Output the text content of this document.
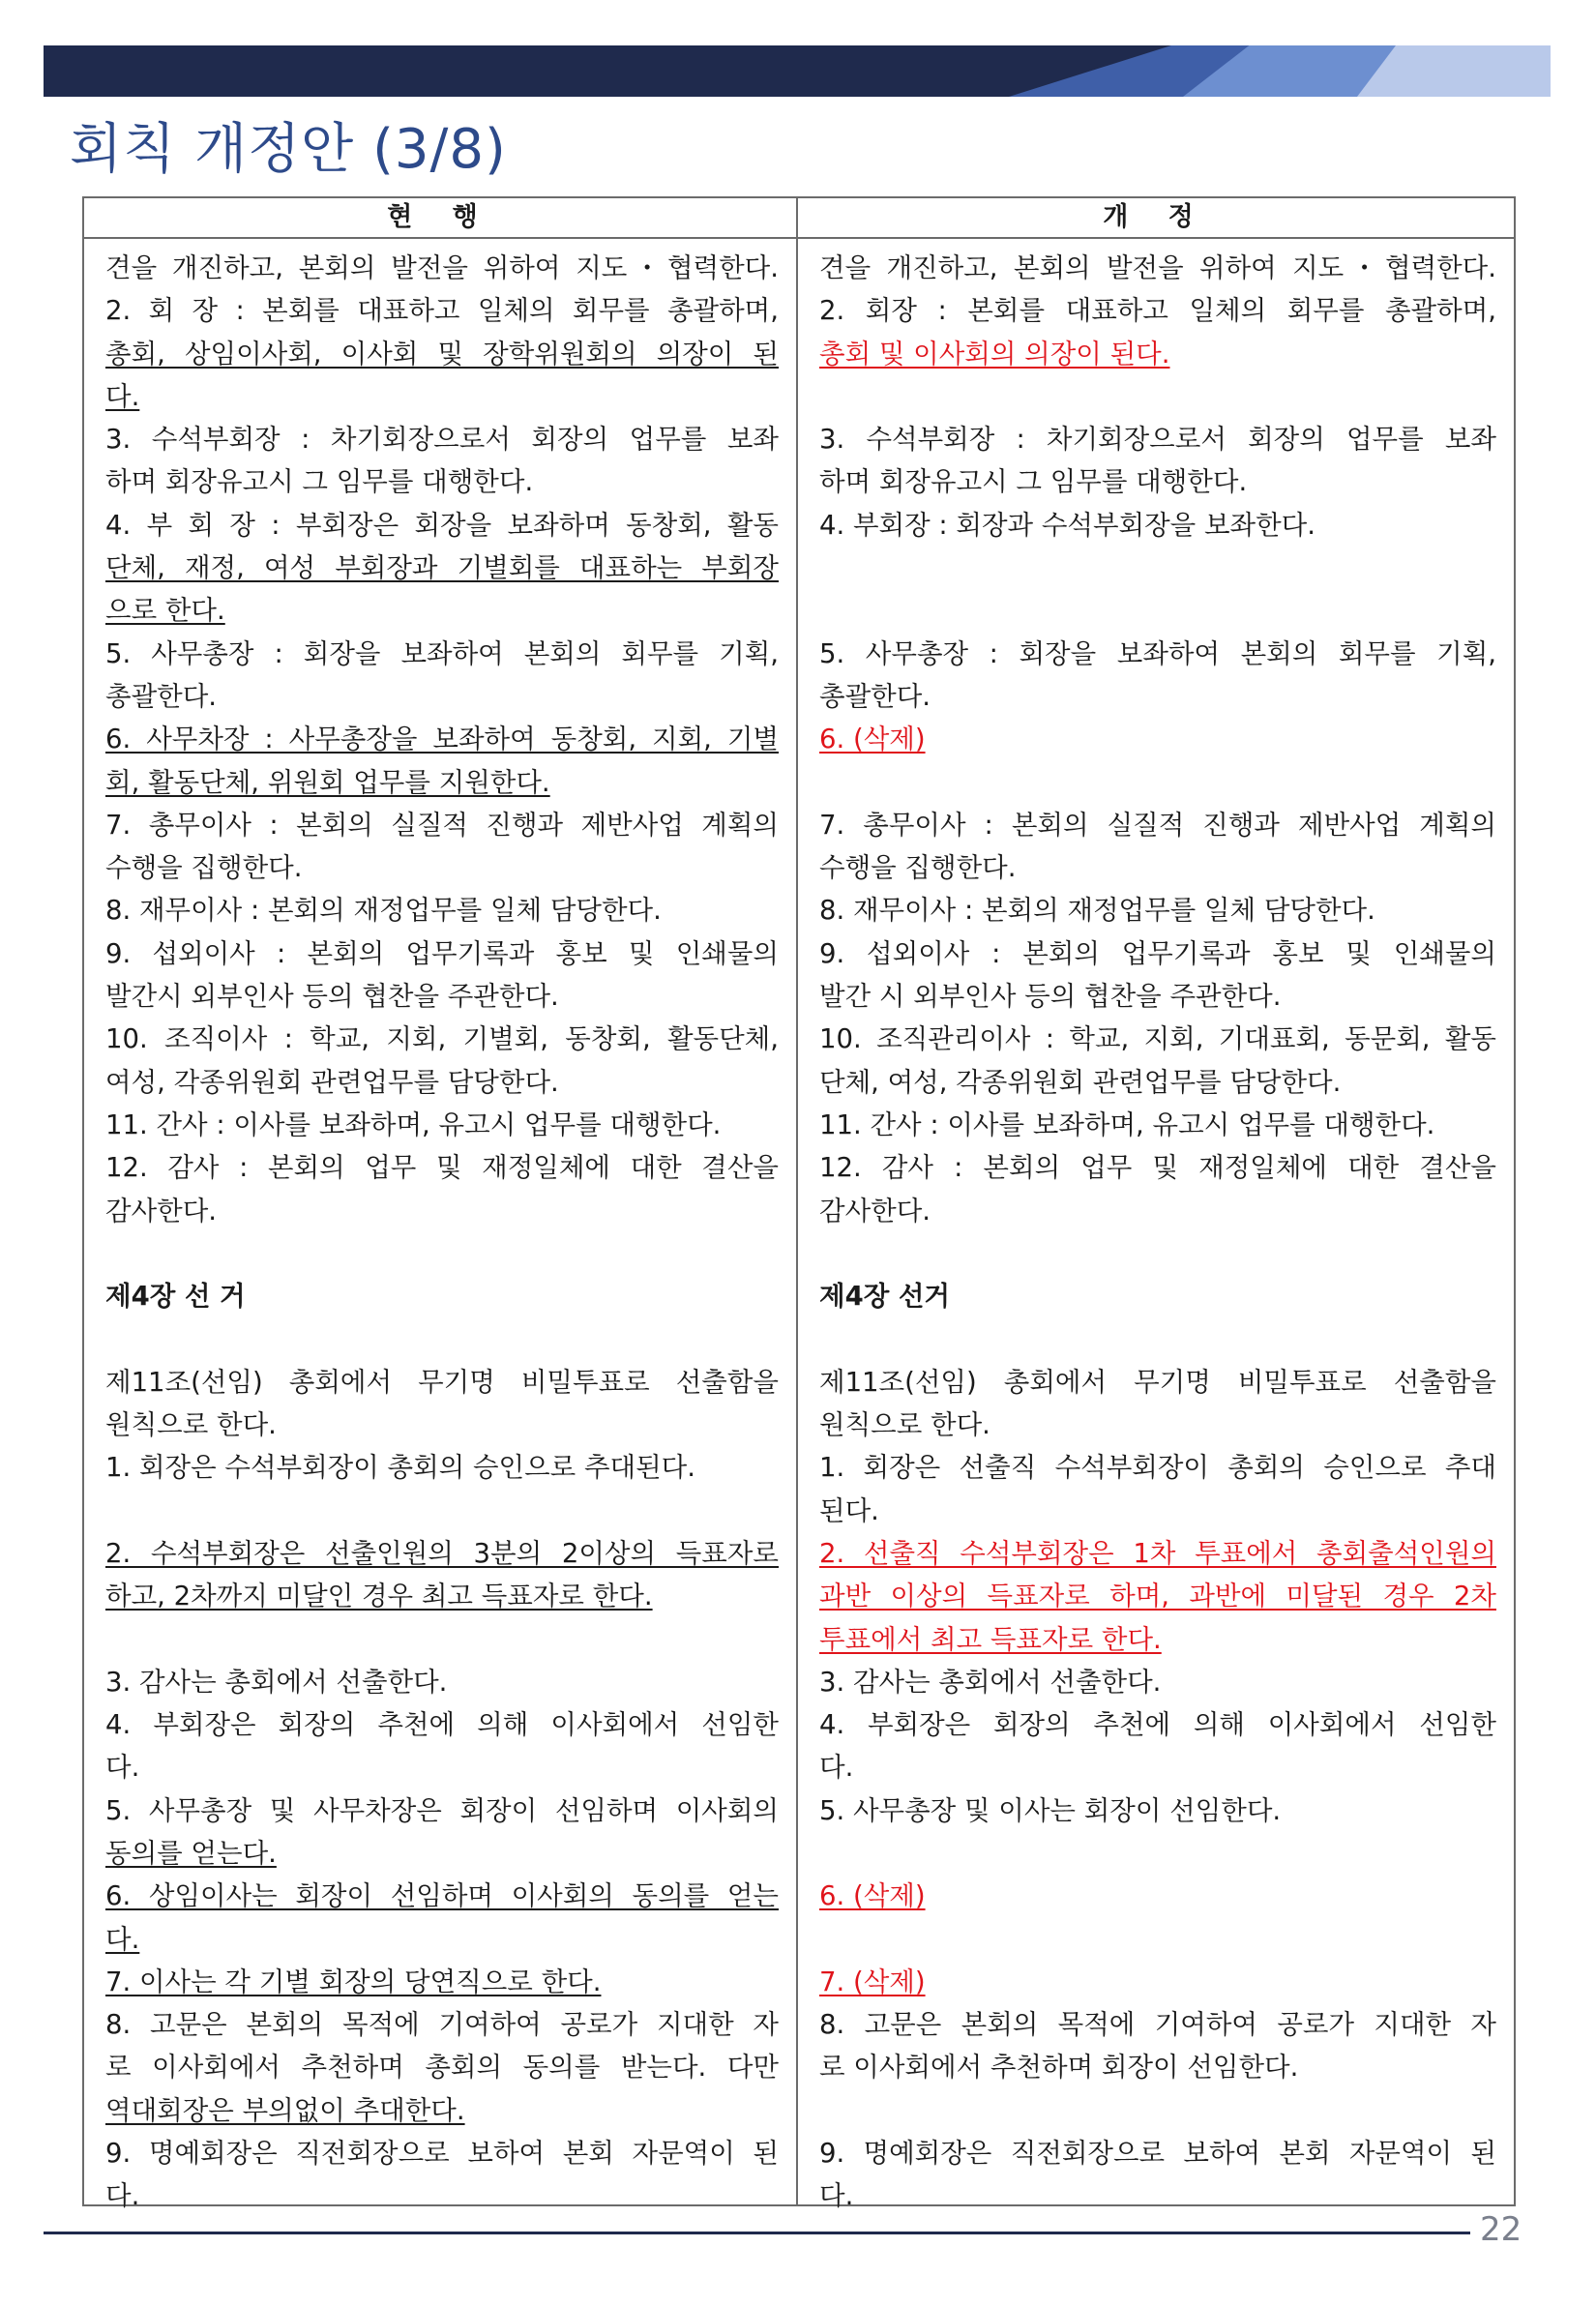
회칙 개정안 (3/8)
현 행
견을 개진하고, 본회의 발전을 위하여 지도・협력한다.
2. 회 장 : 본회를 대표하고 일체의 회무를 총괄하며,
총회, 상임이사회, 이사회 및 장학위원회의 의장이 된
다.
3. 수석부회장 : 차기회장으로서 회장의 업무를 보좌
하며 회장유고시 그 임무를 대행한다.
4. 부 회 장 : 부회장은 회장을 보좌하며 동창회, 활동
단체, 재정, 여성 부회장과 기별회를 대표하는 부회장
으로 한다.
5. 사무총장 : 회장을 보좌하여 본회의 회무를 기획,
총괄한다.
6. 사무차장 : 사무총장을 보좌하여 동창회, 지회, 기별
회, 활동단체, 위원회 업무를 지원한다.
7. 총무이사 : 본회의 실질적 진행과 제반사업 계획의
수행을 집행한다.
8. 재무이사 : 본회의 재정업무를 일체 담당한다.
9. 섭외이사 : 본회의 업무기록과 홍보 및 인쇄물의
발간시 외부인사 등의 협찬을 주관한다.
10. 조직이사 : 학교, 지회, 기별회, 동창회, 활동단체,
여성, 각종위원회 관련업무를 담당한다.
11. 간사 : 이사를 보좌하며, 유고시 업무를 대행한다.
12. 감사 : 본회의 업무 및 재정일체에 대한 결산을
감사한다.

제4장 선 거

제11조(선임) 총회에서 무기명 비밀투표로 선출함을
원칙으로 한다.
1. 회장은 수석부회장이 총회의 승인으로 추대된다.

2. 수석부회장은 선출인원의 3분의 2이상의 득표자로
하고, 2차까지 미달인 경우 최고 득표자로 한다.

3. 감사는 총회에서 선출한다.
4. 부회장은 회장의 추천에 의해 이사회에서 선임한
다.
5. 사무총장 및 사무차장은 회장이 선임하며 이사회의
동의를 얻는다.
6. 상임이사는 회장이 선임하며 이사회의 동의를 얻는
다.
7. 이사는 각 기별 회장의 당연직으로 한다.
8. 고문은 본회의 목적에 기여하여 공로가 지대한 자
로 이사회에서 추천하며 총회의 동의를 받는다. 다만
역대회장은 부의없이 추대한다.
9. 명예회장은 직전회장으로 보하여 본회 자문역이 된
다.
개 정
견을 개진하고, 본회의 발전을 위하여 지도・협력한다.
2. 회장 : 본회를 대표하고 일체의 회무를 총괄하며,
총회 및 이사회의 의장이 된다.

3. 수석부회장 : 차기회장으로서 회장의 업무를 보좌
하며 회장유고시 그 임무를 대행한다.
4. 부회장 : 회장과 수석부회장을 보좌한다.

5. 사무총장 : 회장을 보좌하여 본회의 회무를 기획,
총괄한다.
6. (삭제)

7. 총무이사 : 본회의 실질적 진행과 제반사업 계획의
수행을 집행한다.
8. 재무이사 : 본회의 재정업무를 일체 담당한다.
9. 섭외이사 : 본회의 업무기록과 홍보 및 인쇄물의
발간 시 외부인사 등의 협찬을 주관한다.
10. 조직관리이사 : 학교, 지회, 기대표회, 동문회, 활동
단체, 여성, 각종위원회 관련업무를 담당한다.
11. 간사 : 이사를 보좌하며, 유고시 업무를 대행한다.
12. 감사 : 본회의 업무 및 재정일체에 대한 결산을
감사한다.

제4장 선거

제11조(선임) 총회에서 무기명 비밀투표로 선출함을
원칙으로 한다.
1. 회장은 선출직 수석부회장이 총회의 승인으로 추대
된다.
2. 선출직 수석부회장은 1차 투표에서 총회출석인원의
과반 이상의 득표자로 하며, 과반에 미달된 경우 2차
투표에서 최고 득표자로 한다.
3. 감사는 총회에서 선출한다.
4. 부회장은 회장의 추천에 의해 이사회에서 선임한
다.
5. 사무총장 및 이사는 회장이 선임한다.

6. (삭제)

7. (삭제)
8. 고문은 본회의 목적에 기여하여 공로가 지대한 자
로 이사회에서 추천하며 회장이 선임한다.

9. 명예회장은 직전회장으로 보하여 본회 자문역이 된
다.
22
